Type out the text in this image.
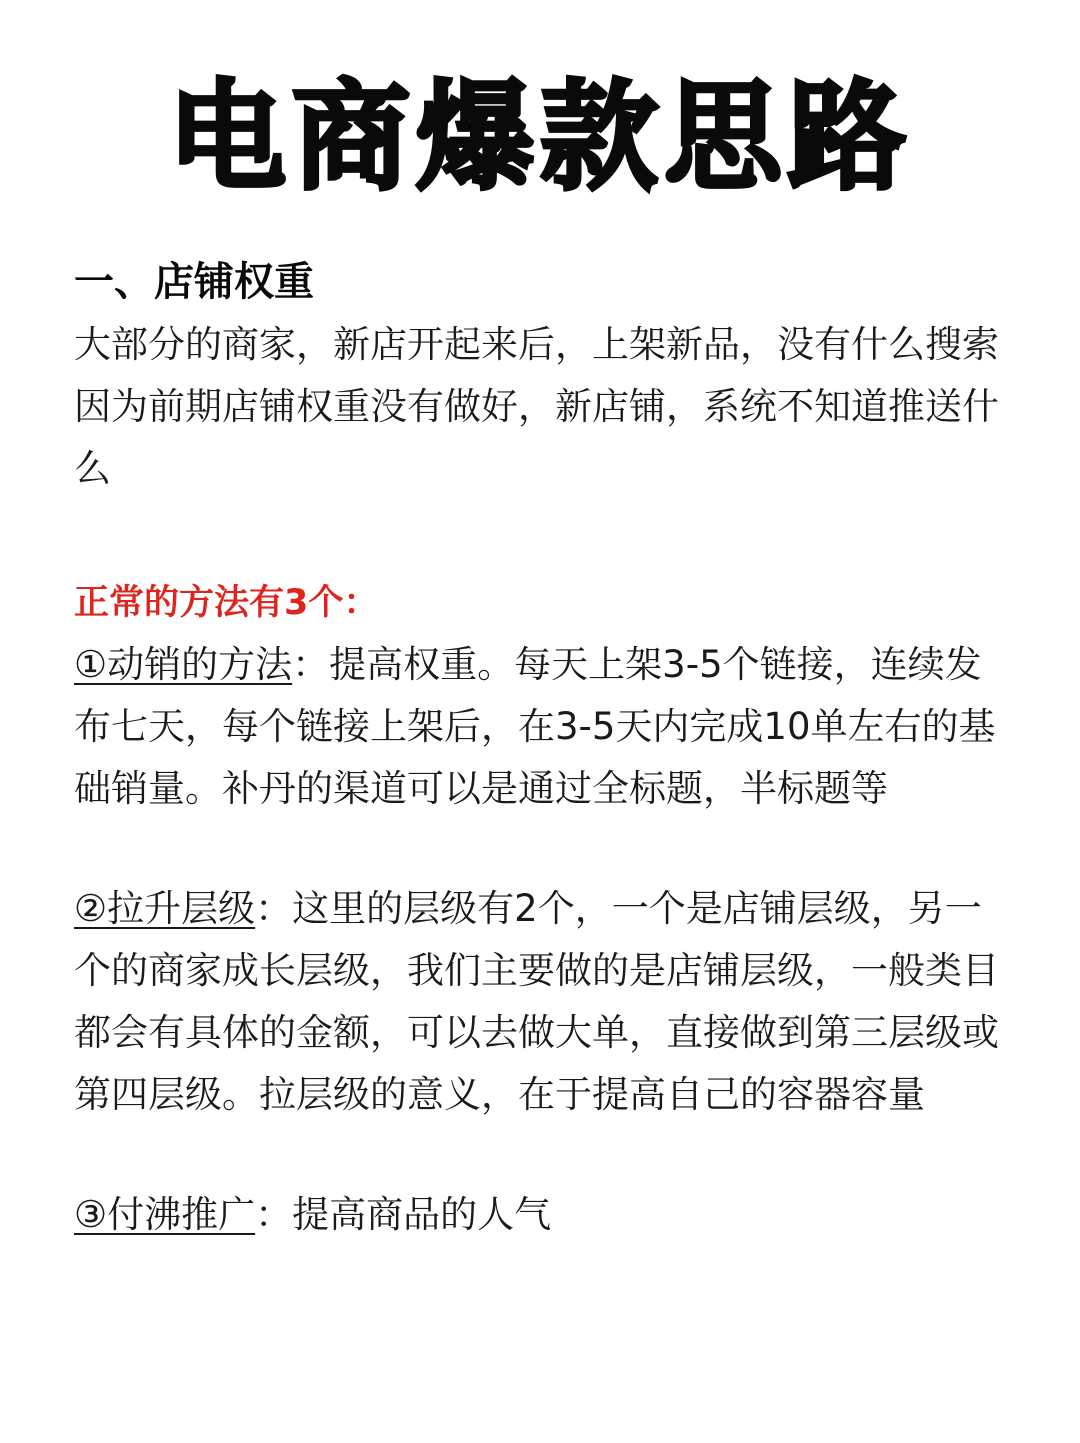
电商爆款思路

一、店铺权重

大部分的商家，新店开起来后，上架新品，没有什么搜索

因为前期店铺权重没有做好，新店铺，系统不知道推送什么

正常的方法有3个：

①动销的方法：提高权重。每天上架3-5个链接，连续发布七天，每个链接上架后，在3-5天内完成10单左右的基础销量。补丹的渠道可以是通过全标题，半标题等

②拉升层级：这里的层级有2个，一个是店铺层级，另一个的商家成长层级，我们主要做的是店铺层级，一般类目都会有具体的金额，可以去做大单，直接做到第三层级或第四层级。拉层级的意义，在于提高自己的容器容量

③付沸推广：提高商品的人气
